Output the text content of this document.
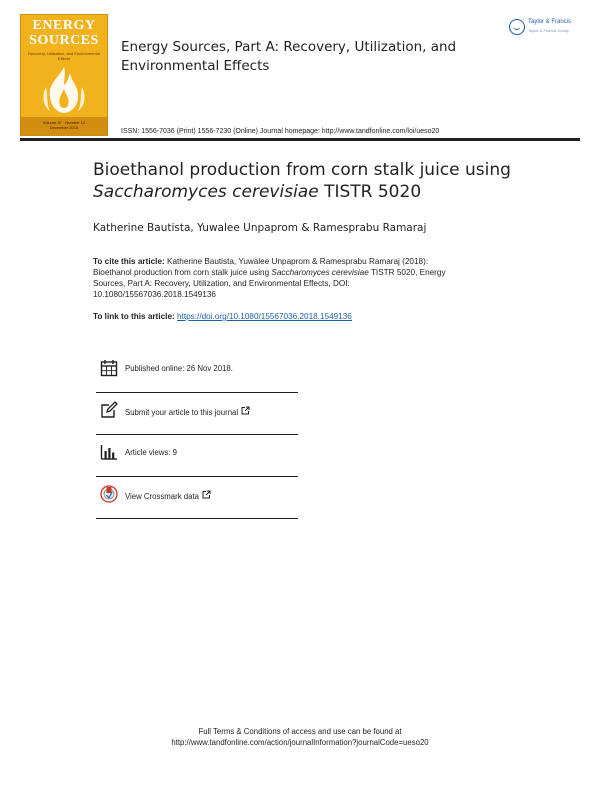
ENERGY
SOURCES
Recovery, Utilization, and Environmental Effects
Volume 37 · Number 12
December 2015
Energy Sources, Part A: Recovery, Utilization, and Environmental Effects
Taylor & Francis
Taylor & Francis Group
ISSN: 1556-7036 (Print) 1556-7230 (Online) Journal homepage: http://www.tandfonline.com/loi/ueso20
Bioethanol production from corn stalk juice using
Saccharomyces cerevisiae TISTR 5020
Katherine Bautista, Yuwalee Unpaprom & Ramesprabu Ramaraj
To cite this article: Katherine Bautista, Yuwalee Unpaprom & Ramesprabu Ramaraj (2018): Bioethanol production from corn stalk juice using Saccharomyces cerevisiae TISTR 5020, Energy Sources, Part A: Recovery, Utilization, and Environmental Effects, DOI: 10.1080/15567036.2018.1549136
To link to this article: https://doi.org/10.1080/15567036.2018.1549136
Published online: 26 Nov 2018.
Submit your article to this journal
Article views: 9
View Crossmark data
Full Terms & Conditions of access and use can be found at
http://www.tandfonline.com/action/journalInformation?journalCode=ueso20
